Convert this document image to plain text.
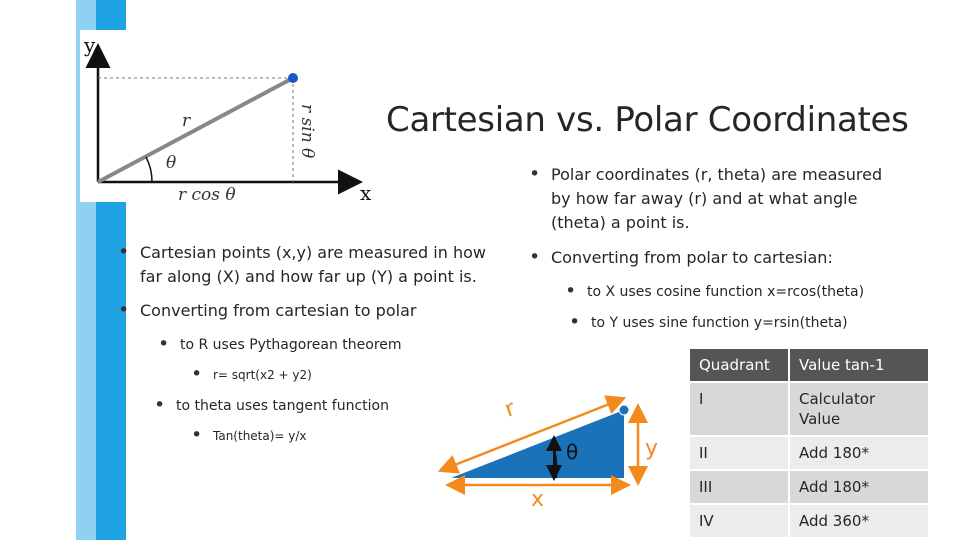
y
x
r
θ
r sin θ
r cos θ
Cartesian vs. Polar Coordinates
• Cartesian points (x,y) are measured in how far along (X) and how far up (Y) a point is.
• Converting from cartesian to polar
• to R uses Pythagorean theorem
• r= sqrt(x2 + y2)
• to theta uses tangent function
• Tan(theta)= y/x
• Polar coordinates (r, theta) are measured by how far away (r) and at what angle (theta) a point is.
• Converting from polar to cartesian:
• to X uses cosine function x=rcos(theta)
• to Y uses sine function y=rsin(theta)
r
θ	y
x
Quadrant	Value tan-1
I	Calculator Value
II	Add 180*
III	Add 180*
IV	Add 360*
